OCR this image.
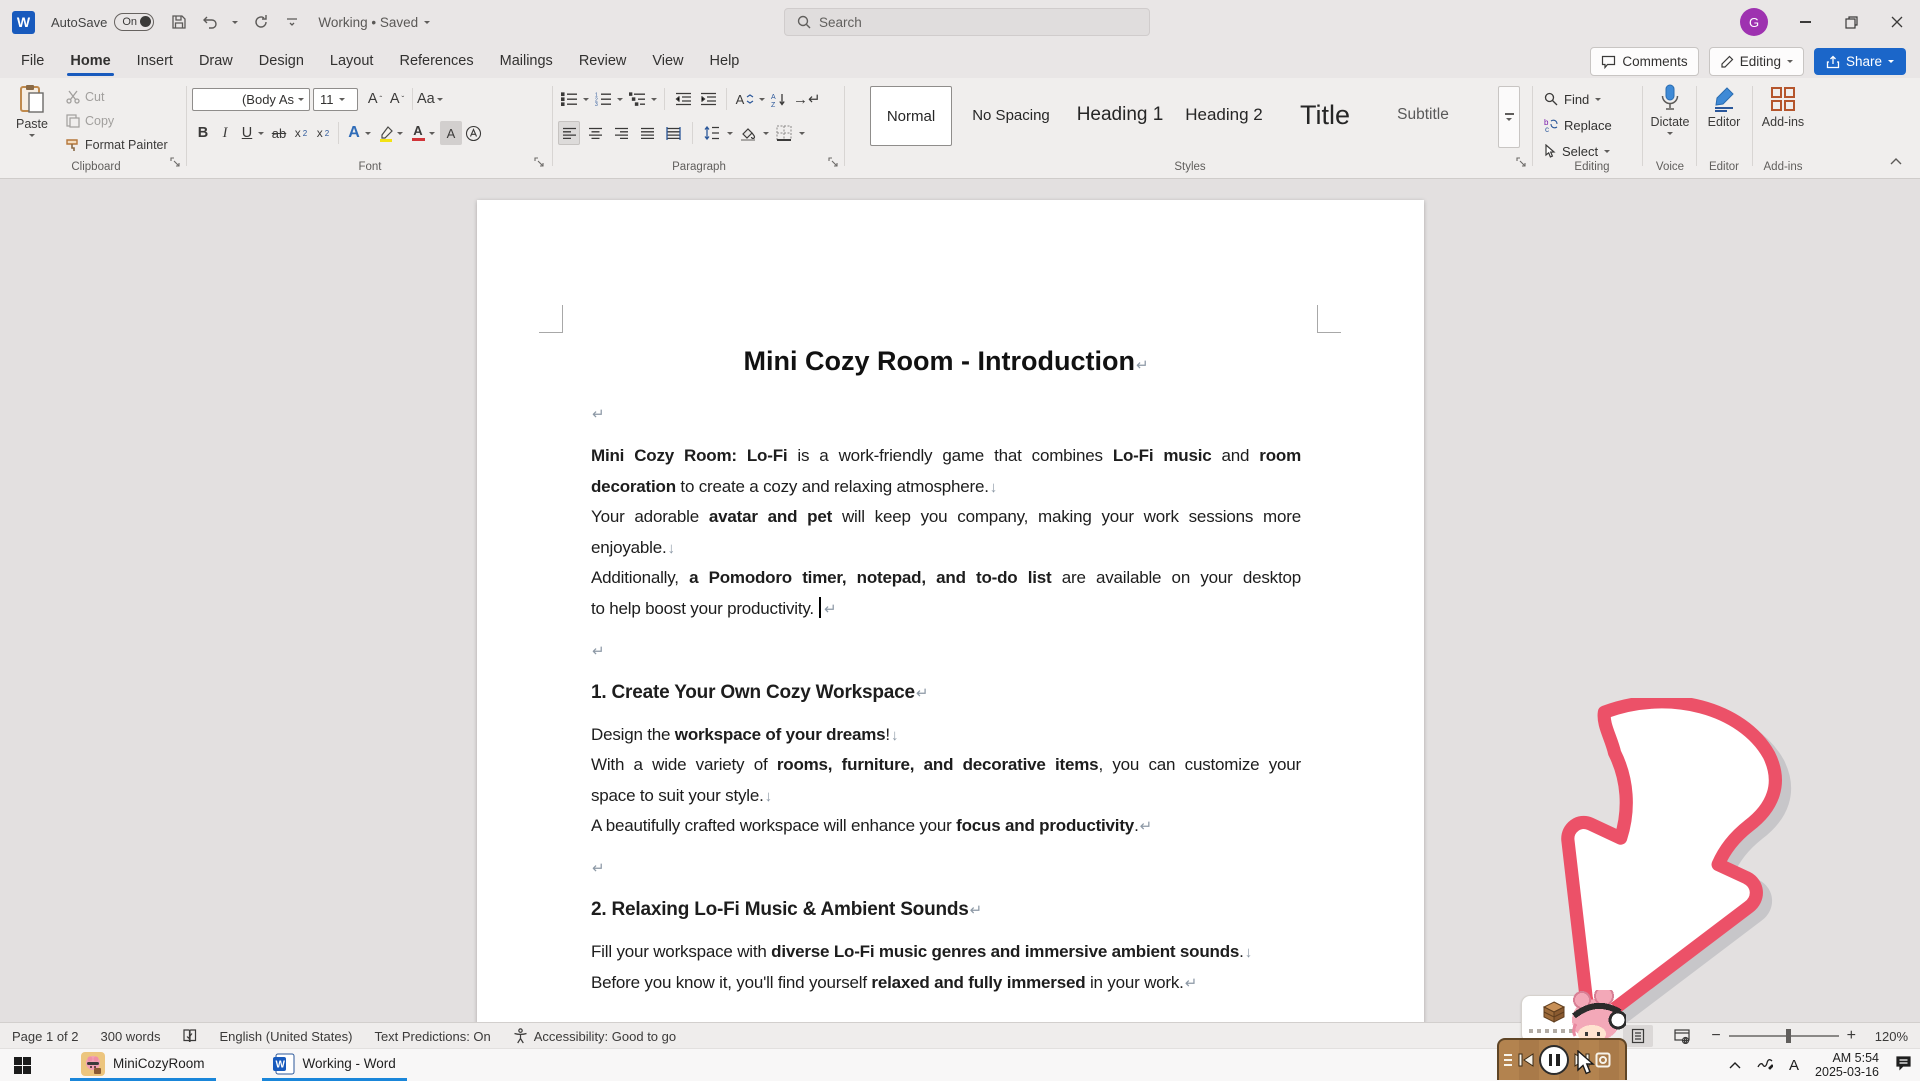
W	AutoSave On	Working • Saved	Search	G
File	Home	Insert	Draw	Design	Layout	References	Mailings	Review	View	Help	Comments	Editing	Share
Paste
Cut
Copy
Format Painter
Clipboard
(Body As 11 A ˆ A ˇ Aa
B I U	ab x 2 x 2	A	A	A
Font
1
2
3	A	A
Z →↵
Paragraph
Normal	No Spacing	Heading 1	Heading 2	Title	Subtitle
Styles
Find
b
c Replace
Select
Editing
Dictate
Voice
Editor
Editor
Add-ins
Add-ins
Mini Cozy Room - Introduction↵
↵
Mini Cozy Room: Lo-Fi is a work-friendly game that combines Lo-Fi music and room
decoration to create a cozy and relaxing atmosphere.↓
Your adorable avatar and pet will keep you company, making your work sessions more
enjoyable.↓
Additionally, a Pomodoro timer, notepad, and to-do list are available on your desktop
to help boost your productivity. ↵
↵
1. Create Your Own Cozy Workspace↵
Design the workspace of your dreams!↓
With a wide variety of rooms, furniture, and decorative items, you can customize your
space to suit your style.↓
A beautifully crafted workspace will enhance your focus and productivity.↵
↵
2. Relaxing Lo-Fi Music & Ambient Sounds↵
Fill your workspace with diverse Lo-Fi music genres and immersive ambient sounds.↓
Before you know it, you'll find yourself relaxed and fully immersed in your work.↵
Page 1 of 2 300 words	English (United States) Text Predictions: On	Accessibility: Good to go	−	+	120%
MiniCozyRoom	W Working - Word	A	AM 5:54
2025-03-16
